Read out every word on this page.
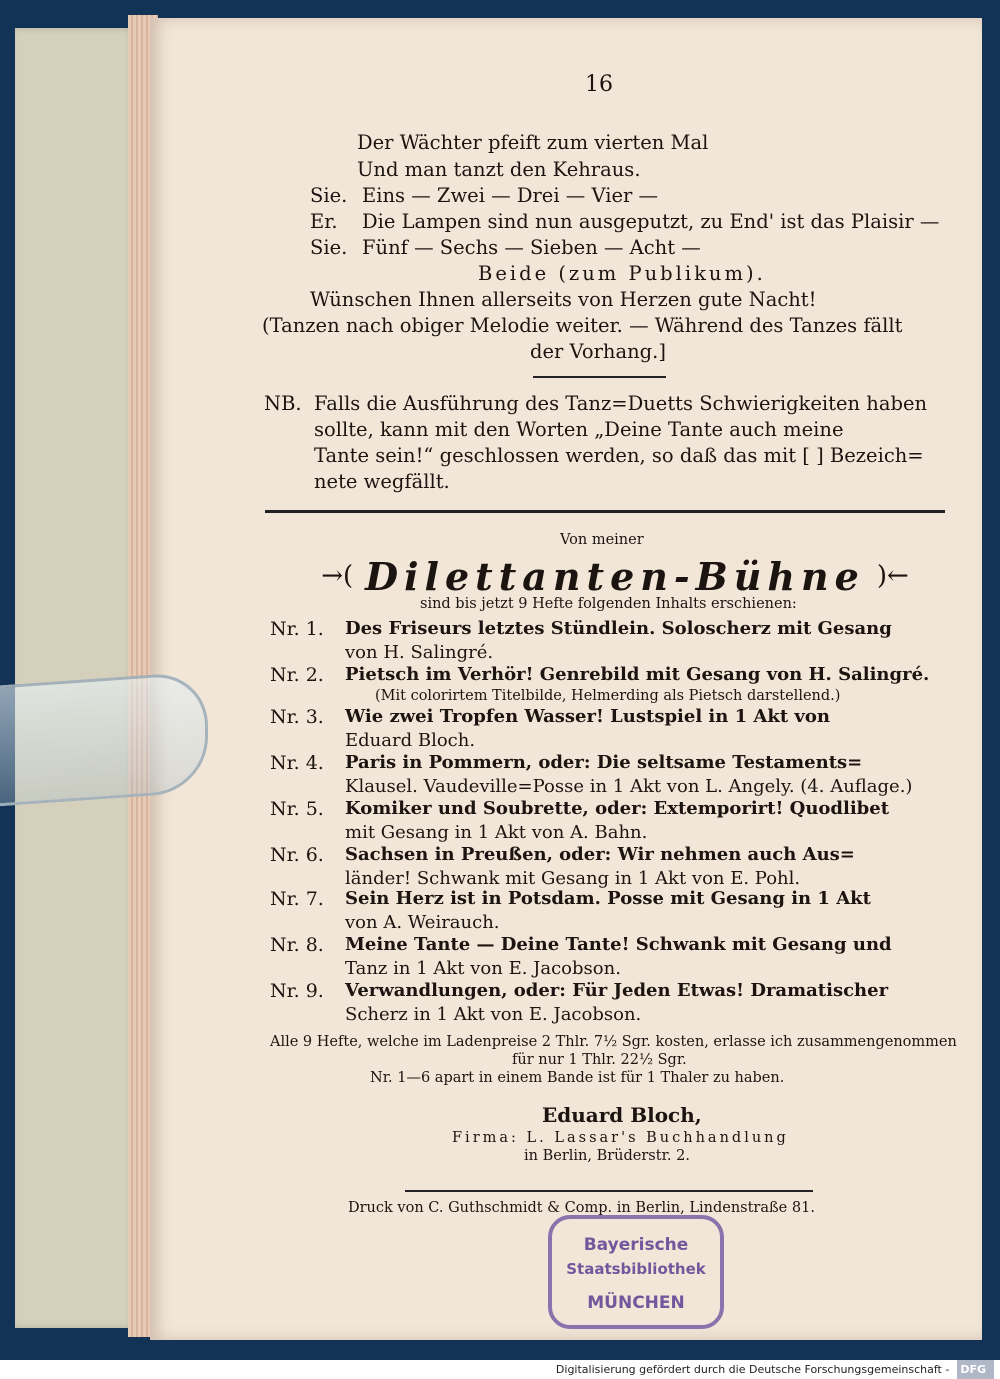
16
Der Wächter pfeift zum vierten Mal
Und man tanzt den Kehraus.
Sie. Eins — Zwei — Drei — Vier —
Er. Die Lampen sind nun ausgeputzt, zu End' ist das Plaisir —
Sie. Fünf — Sechs — Sieben — Acht —
Beide (zum Publikum).
Wünschen Ihnen allerseits von Herzen gute Nacht!
(Tanzen nach obiger Melodie weiter. — Während des Tanzes fällt
der Vorhang.]
NB. Falls die Ausführung des Tanz=Duetts Schwierigkeiten haben
sollte, kann mit den Worten „Deine Tante auch meine
Tante sein!“ geschlossen werden, so daß das mit [ ] Bezeich=
nete wegfällt.
Von meiner
→( Dilettanten-Bühne )←
sind bis jetzt 9 Hefte folgenden Inhalts erschienen:
Nr. 1. Des Friseurs letztes Stündlein. Soloscherz mit Gesang
von H. Salingré.
Nr. 2. Pietsch im Verhör! Genrebild mit Gesang von H. Salingré.
(Mit colorirtem Titelbilde, Helmerding als Pietsch darstellend.)
Nr. 3. Wie zwei Tropfen Wasser! Lustspiel in 1 Akt von
Eduard Bloch.
Nr. 4. Paris in Pommern, oder: Die seltsame Testaments=
Klausel. Vaudeville=Posse in 1 Akt von L. Angely. (4. Auflage.)
Nr. 5. Komiker und Soubrette, oder: Extemporirt! Quodlibet
mit Gesang in 1 Akt von A. Bahn.
Nr. 6. Sachsen in Preußen, oder: Wir nehmen auch Aus=
länder! Schwank mit Gesang in 1 Akt von E. Pohl.
Nr. 7. Sein Herz ist in Potsdam. Posse mit Gesang in 1 Akt
von A. Weirauch.
Nr. 8. Meine Tante — Deine Tante! Schwank mit Gesang und
Tanz in 1 Akt von E. Jacobson.
Nr. 9. Verwandlungen, oder: Für Jeden Etwas! Dramatischer
Scherz in 1 Akt von E. Jacobson.
Alle 9 Hefte, welche im Ladenpreise 2 Thlr. 7½ Sgr. kosten, erlasse ich zusammengenommen
für nur 1 Thlr. 22½ Sgr.
Nr. 1—6 apart in einem Bande ist für 1 Thaler zu haben.
Eduard Bloch,
Firma: L. Lassar's Buchhandlung
in Berlin, Brüderstr. 2.
Druck von C. Guthschmidt & Comp. in Berlin, Lindenstraße 81.
Bayerische
Staatsbibliothek
MÜNCHEN
Digitalisierung gefördert durch die Deutsche Forschungsgemeinschaft - DFG
